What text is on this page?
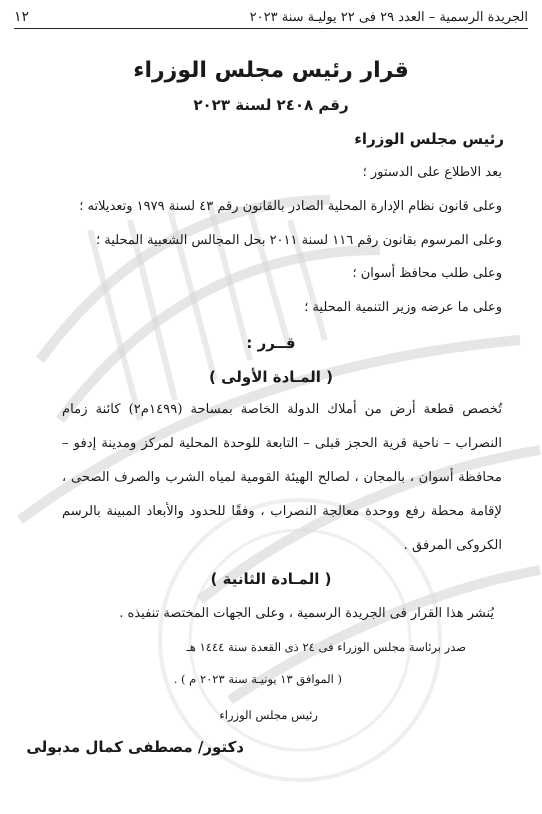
الجريدة الرسمية – العدد ٢٩ فى ٢٢ يوليـة سنة ٢٠٢٣
١٢
قرار رئيس مجلس الوزراء
رقم ٢٤٠٨ لسنة ٢٠٢٣
رئيس مجلس الوزراء
بعد الاطلاع على الدستور ؛
وعلى قانون نظام الإدارة المحلية الصادر بالقانون رقم ٤٣ لسنة ١٩٧٩ وتعديلاته ؛
وعلى المرسوم بقانون رقم ١١٦ لسنة ٢٠١١ بحل المجالس الشعبية المحلية ؛
وعلى طلب محافظ أسوان ؛
وعلى ما عرضه وزير التنمية المحلية ؛
قــرر :
( المـادة الأولى )
تُخصص قطعة أرض من أملاك الدولة الخاصة بمساحة (١٤٩٩م٢) كائنة زمام
النصراب – ناحية قرية الحجز قبلى – التابعة للوحدة المحلية لمركز ومدينة إدفو –
محافظة أسوان ، بالمجان ، لصالح الهيئة القومية لمياه الشرب والصرف الصحى ،
لإقامة محطة رفع ووحدة معالجة النصراب ، وفقًا للحدود والأبعاد المبينة بالرسم
الكروكى المرفق .
( المـادة الثانية )
يُنشر هذا القرار فى الجريدة الرسمية ، وعلى الجهات المختصة تنفيذه .
صدر برئاسة مجلس الوزراء فى ٢٤ ذى القعدة سنة ١٤٤٤ هـ
( الموافق ١٣ يونيـة سنة ٢٠٢٣ م ) .
رئيس مجلس الوزراء
دكتور/ مصطفى كمال مدبولى
